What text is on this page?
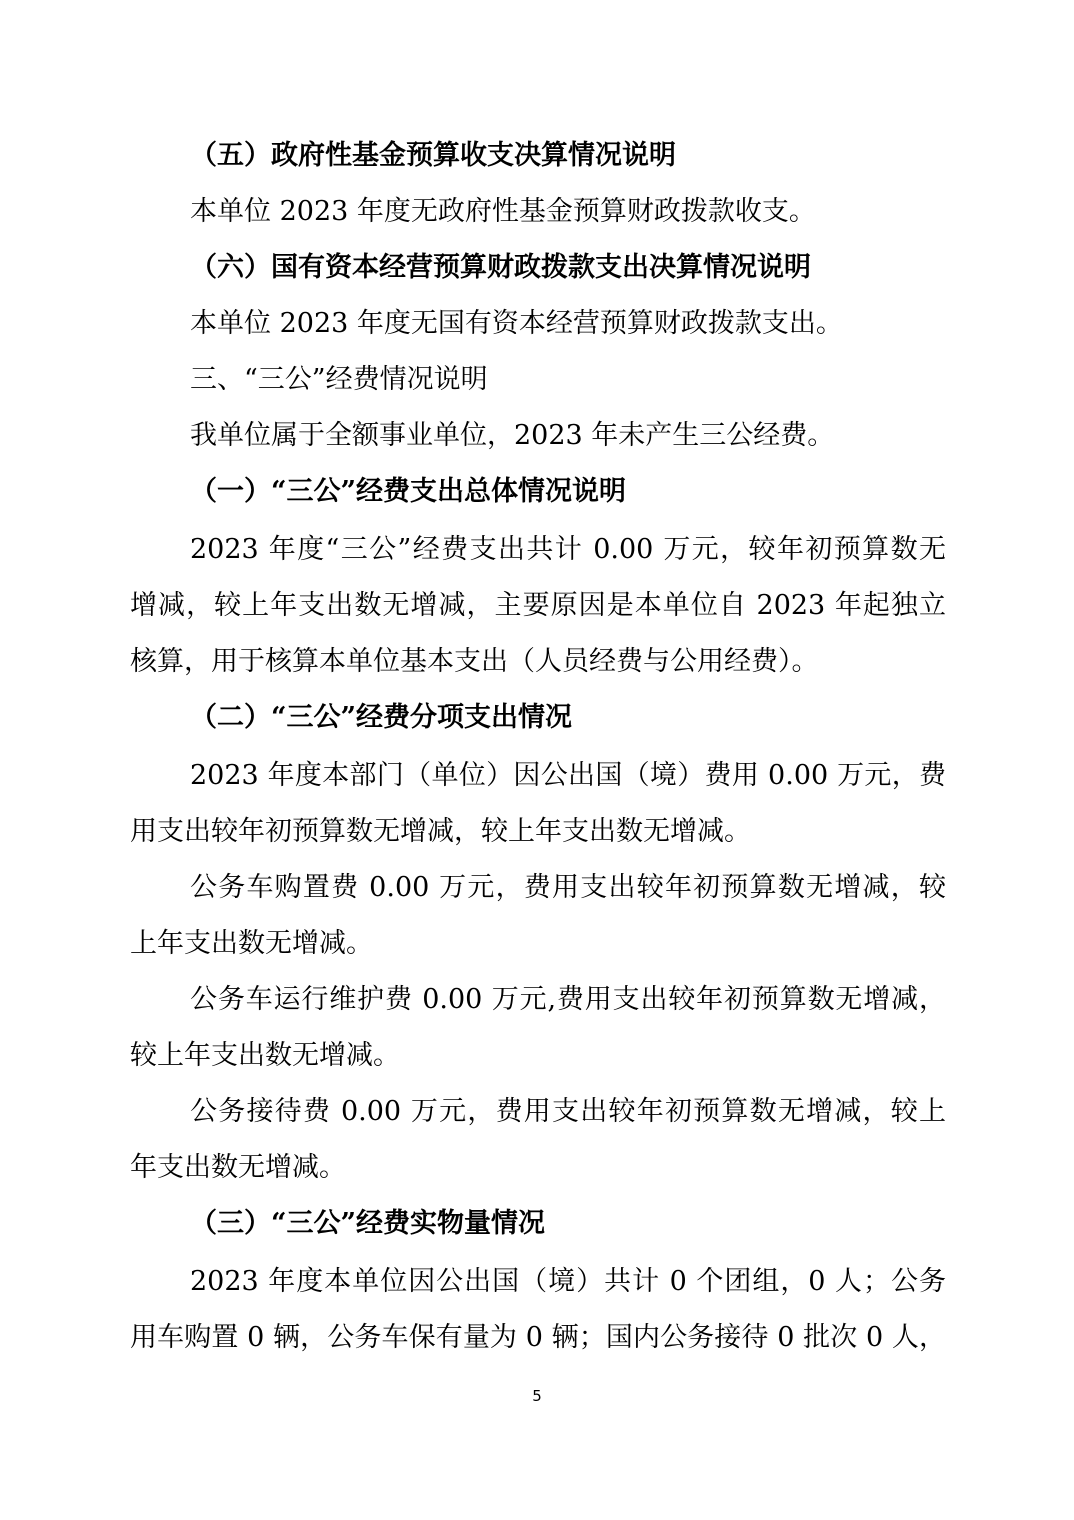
（五）政府性基金预算收支决算情况说明
本单位 2023 年度无政府性基金预算财政拨款收支。
（六）国有资本经营预算财政拨款支出决算情况说明
本单位 2023 年度无国有资本经营预算财政拨款支出。
三、“三公”经费情况说明
我单位属于全额事业单位，2023 年未产生三公经费。
（一）“三公”经费支出总体情况说明
2023 年度“三公”经费支出共计 0.00 万元，较年初预算数无
增减，较上年支出数无增减，主要原因是本单位自 2023 年起独立
核算，用于核算本单位基本支出（人员经费与公用经费）。
（二）“三公”经费分项支出情况
2023 年度本部门（单位）因公出国（境）费用 0.00 万元，费
用支出较年初预算数无增减，较上年支出数无增减。
公务车购置费 0.00 万元，费用支出较年初预算数无增减，较
上年支出数无增减。
公务车运行维护费 0.00 万元,费用支出较年初预算数无增减，
较上年支出数无增减。
公务接待费 0.00 万元，费用支出较年初预算数无增减，较上
年支出数无增减。
（三）“三公”经费实物量情况
2023 年度本单位因公出国（境）共计 0 个团组，0 人；公务
用车购置 0 辆，公务车保有量为 0 辆；国内公务接待 0 批次 0 人，
5
